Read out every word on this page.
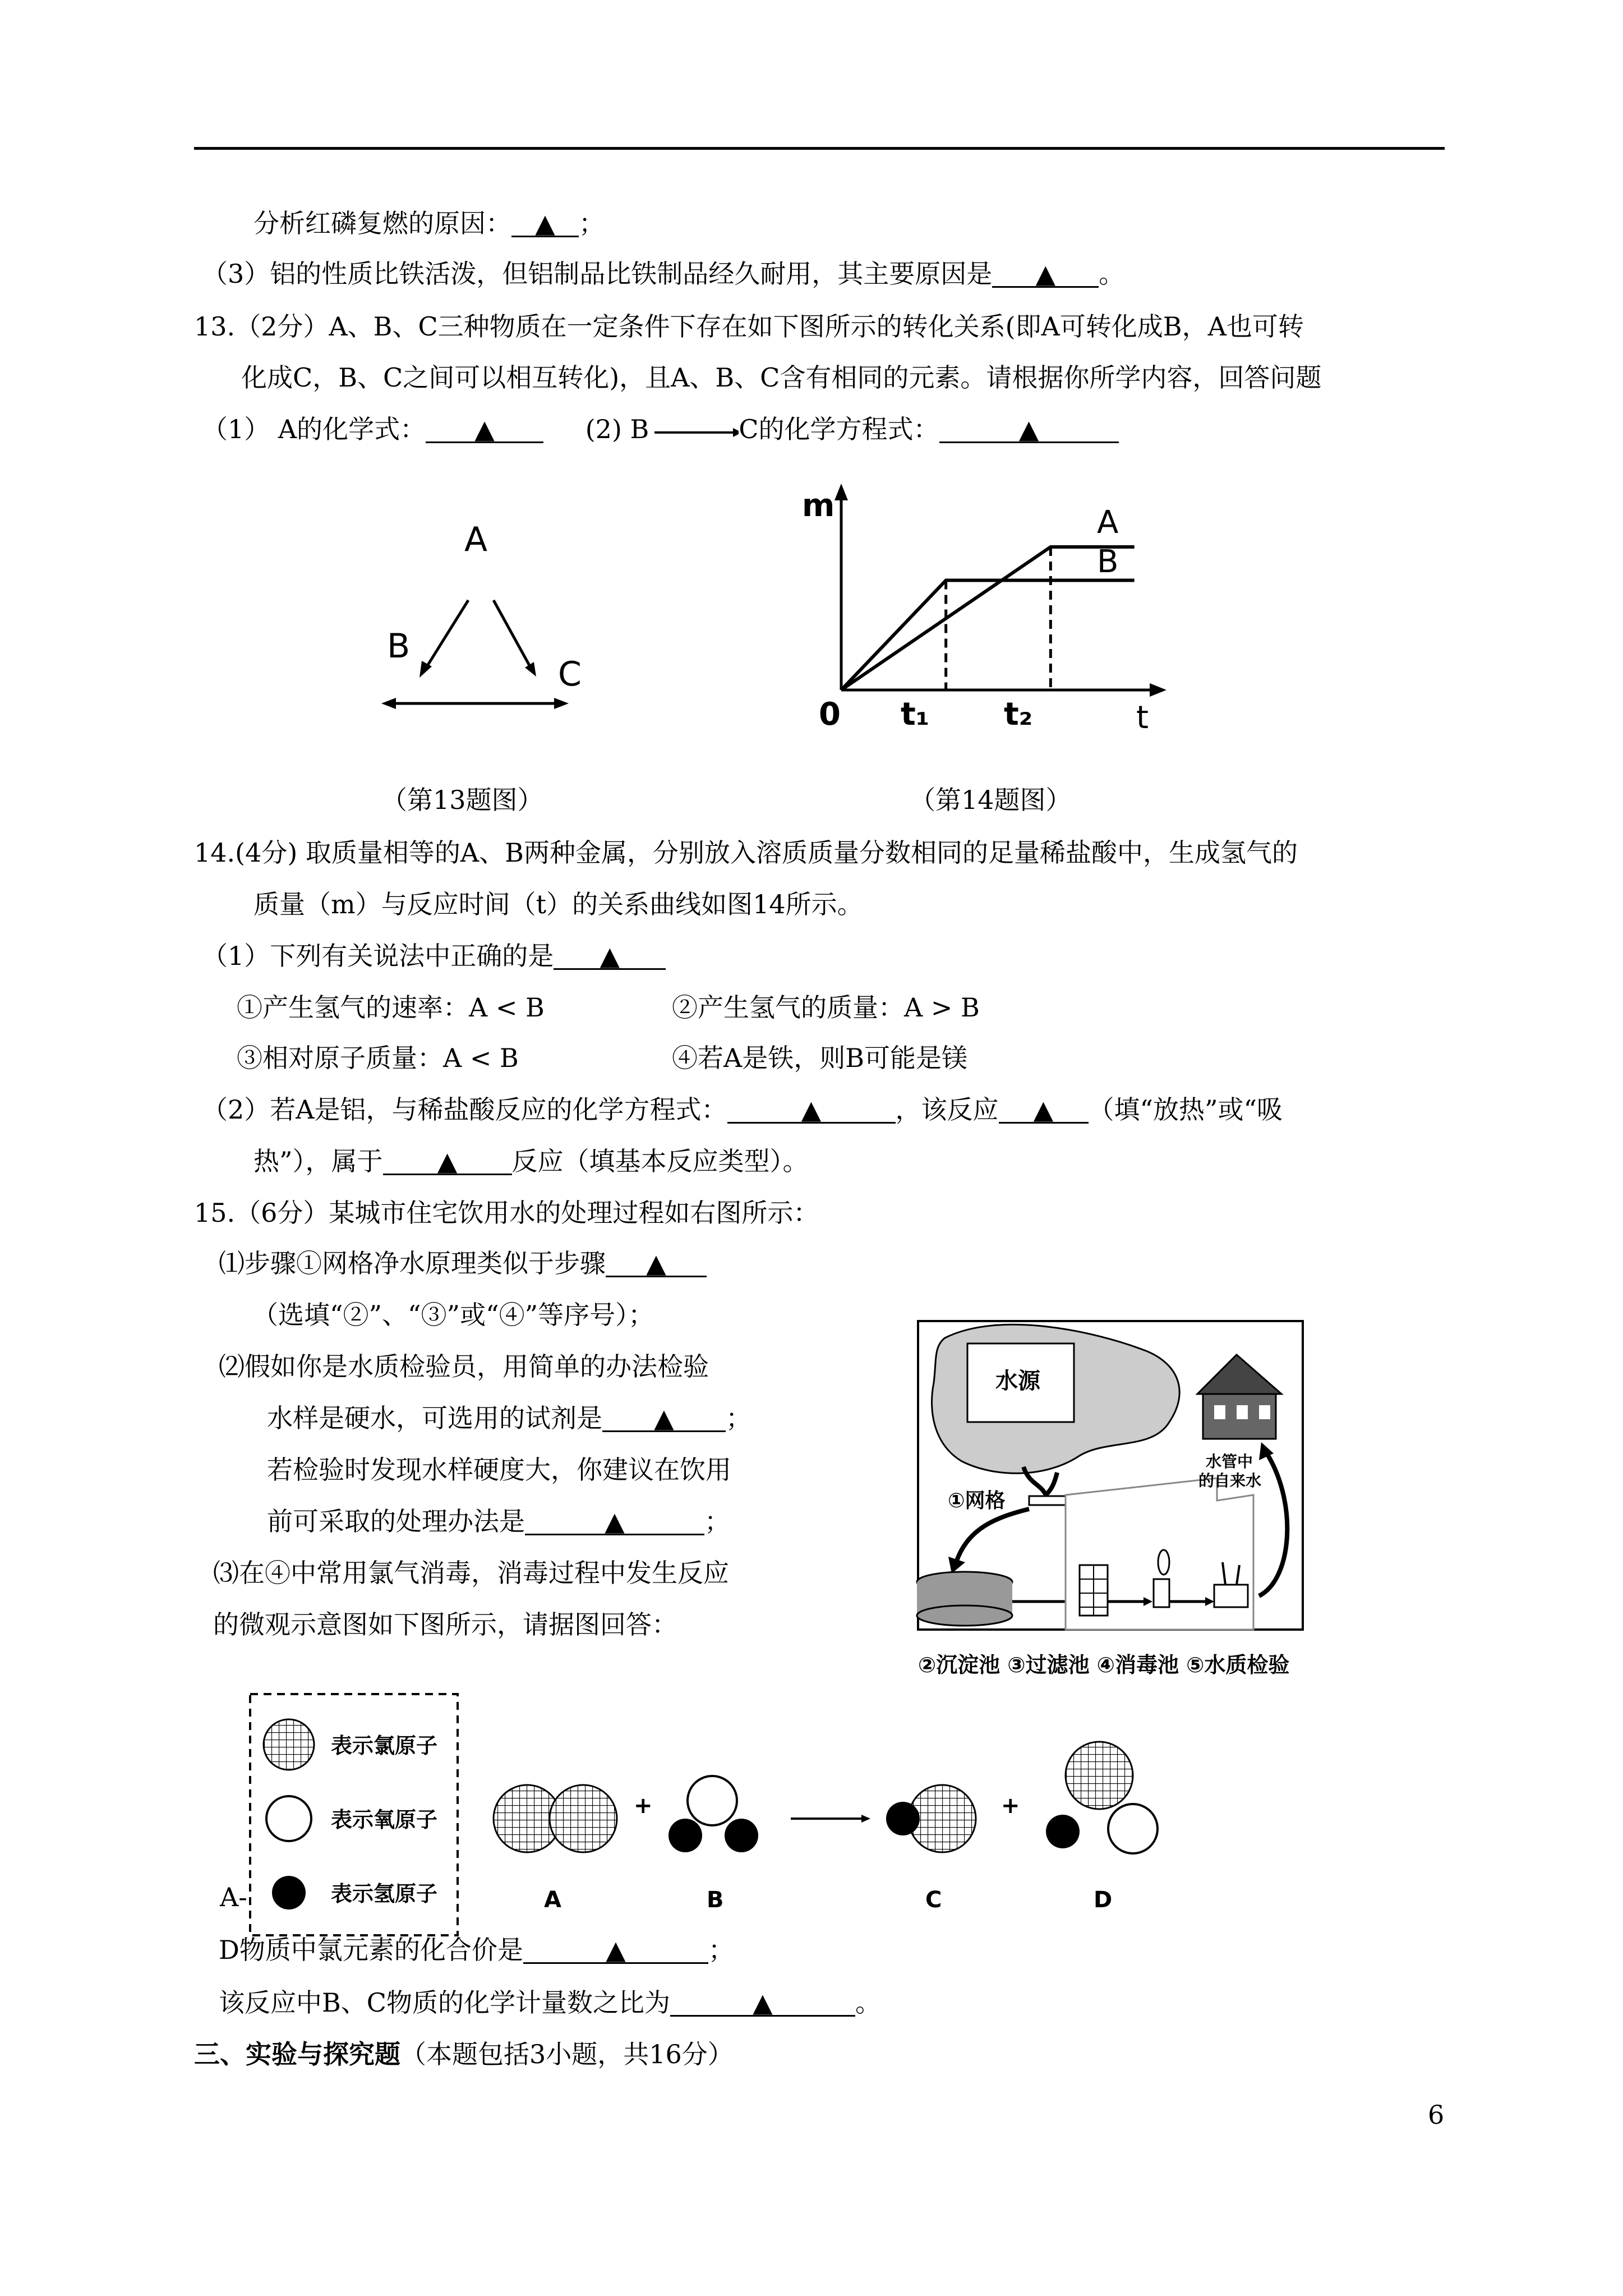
分析红磷复燃的原因： ▲ ；
（3）铝的性质比铁活泼，但铝制品比铁制品经久耐用，其主要原因是 ▲ 。
13.（2分）A、B、C三种物质在一定条件下存在如下图所示的转化关系(即A可转化成B，A也可转
化成C，B、C之间可以相互转化)，且A、B、C含有相同的元素。请根据你所学内容，回答问题
（1） A的化学式： ▲	(2) B	C的化学方程式：	▲
A
B
C
m
t
0 t₁ t₂
A
B
（第13题图）	（第14题图）
14.(4分) 取质量相等的A、B两种金属，分别放入溶质质量分数相同的足量稀盐酸中，生成氢气的
质量（m）与反应时间（t）的关系曲线如图14所示。
（1）下列有关说法中正确的是 ▲
①产生氢气的速率：A < B	②产生氢气的质量：A > B
③相对原子质量：A < B	④若A是铁，则B可能是镁
（2）若A是铝，与稀盐酸反应的化学方程式：	▲	，该反应 ▲ （填“放热”或“吸
热”），属于 ▲ 反应（填基本反应类型）。
15.（6分）某城市住宅饮用水的处理过程如右图所示：
⑴步骤①网格净水原理类似于步骤 ▲
（选填“②”、“③”或“④”等序号）；
⑵假如你是水质检验员，用简单的办法检验
水样是硬水，可选用的试剂是 ▲ ；
若检验时发现水样硬度大，你建议在饮用
前可采取的处理办法是	▲	；
⑶在④中常用氯气消毒，消毒过程中发生反应
的微观示意图如下图所示，请据图回答：
水源
①网格
水管中
的自来水
②沉淀池 ③过滤池 ④消毒池 ⑤水质检验
表示氯原子
表示氧原子
表示氢原子	A
+
B	C
+
D
A-
D物质中氯元素的化合价是	▲	；
该反应中B、C物质的化学计量数之比为	▲	。
三、实验与探究题（本题包括3小题，共16分）
6
